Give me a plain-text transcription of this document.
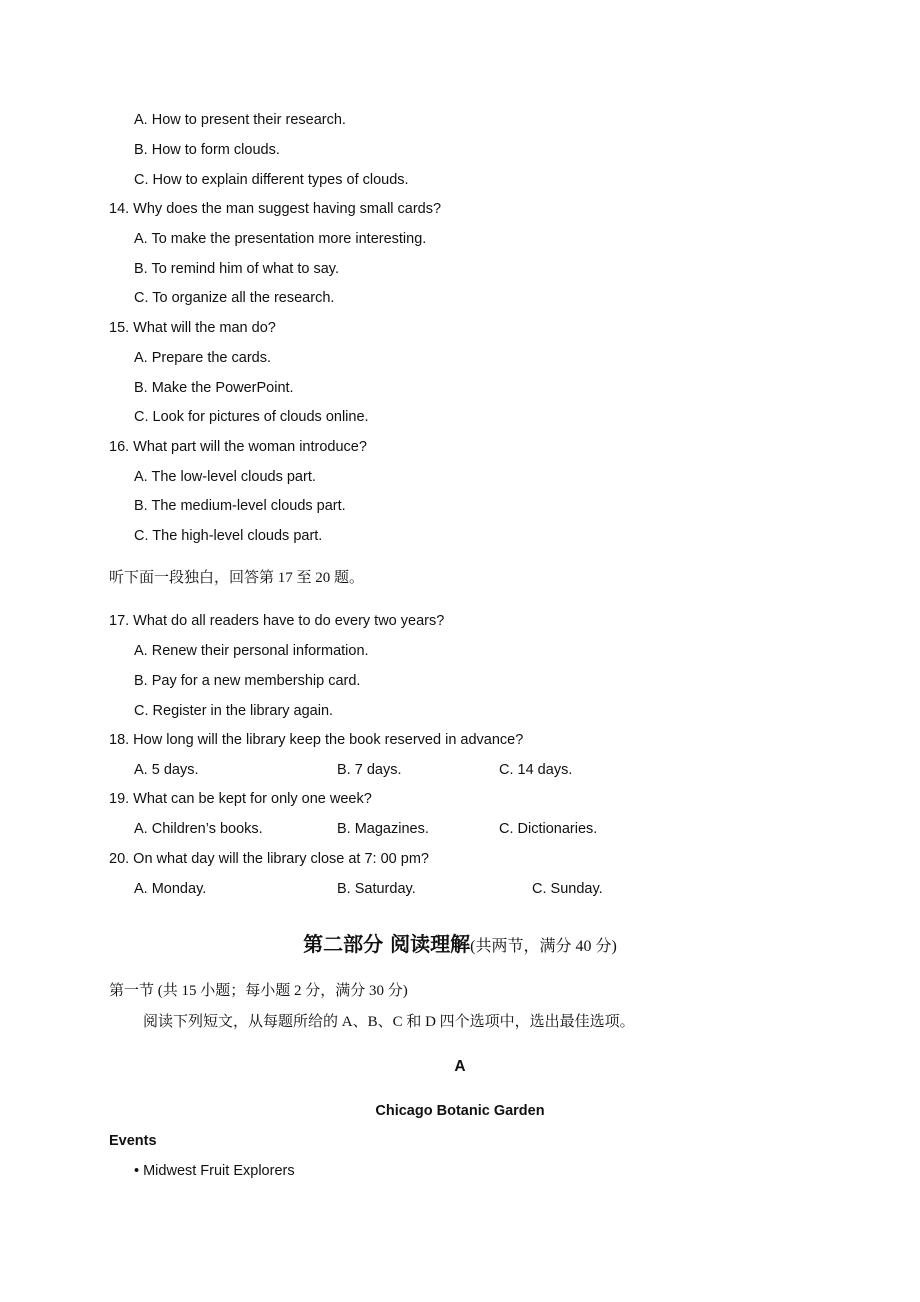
A. How to present their research.
B. How to form clouds.
C. How to explain different types of clouds.
14. Why does the man suggest having small cards?
A. To make the presentation more interesting.
B. To remind him of what to say.
C. To organize all the research.
15. What will the man do?
A. Prepare the cards.
B. Make the PowerPoint.
C. Look for pictures of clouds online.
16. What part will the woman introduce?
A. The low-level clouds part.
B. The medium-level clouds part.
C. The high-level clouds part.
听下面一段独白，回答第 17 至 20 题。
17. What do all readers have to do every two years?
A. Renew their personal information.
B. Pay for a new membership card.
C. Register in the library again.
18. How long will the library keep the book reserved in advance?
A. 5 days.	B. 7 days.	C. 14 days.
19. What can be kept for only one week?
A. Children’s books.	B. Magazines.	C. Dictionaries.
20. On what day will the library close at 7: 00 pm?
A. Monday.	B. Saturday.	C. Sunday.
第二部分 阅读理解(共两节，满分 40 分)
第一节 (共 15 小题；每小题 2 分，满分 30 分)
阅读下列短文，从每题所给的 A、B、C 和 D 四个选项中，选出最佳选项。
A
Chicago Botanic Garden
Events
• Midwest Fruit Explorers
